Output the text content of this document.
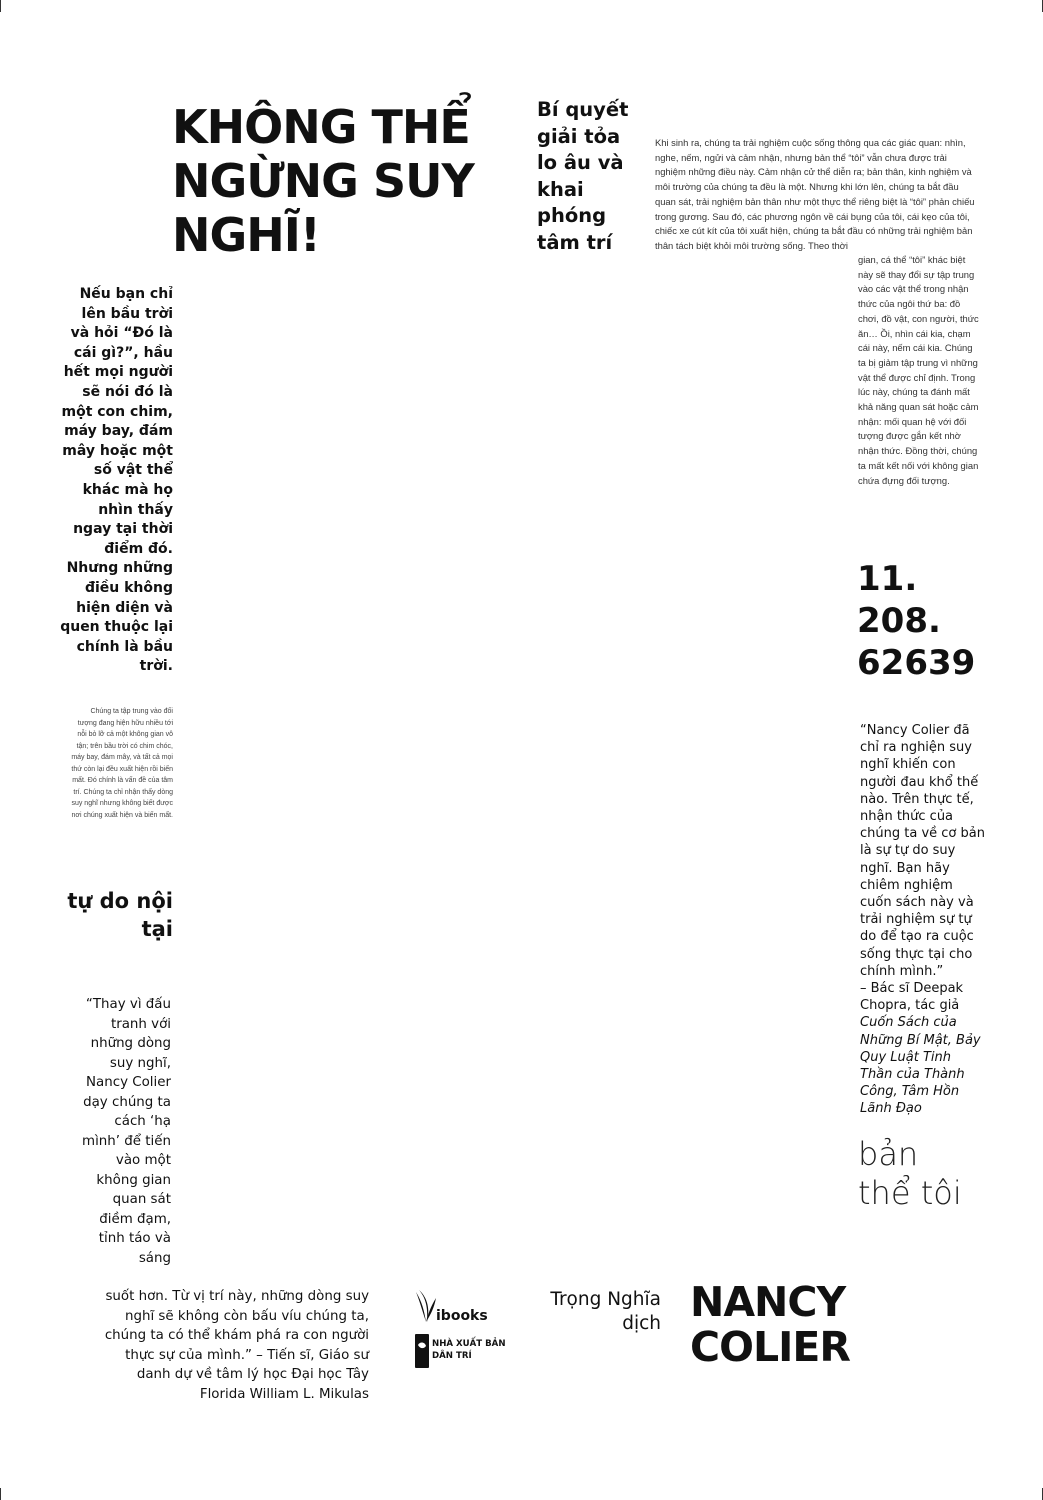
KHÔNG THỂ NGỪNG SUY NGHĨ!
Bí quyết giải tỏa lo âu và khai phóng tâm trí
Khi sinh ra, chúng ta trải nghiệm cuộc sống thông qua các giác quan: nhìn, nghe, nếm, ngửi và cảm nhận, nhưng bản thể “tôi” vẫn chưa được trải nghiệm những điều này. Cảm nhận cử thể diễn ra; bản thân, kinh nghiệm và môi trường của chúng ta đều là một. Nhưng khi lớn lên, chúng ta bắt đầu quan sát, trải nghiệm bản thân như một thực thể riêng biệt là “tôi” phản chiếu trong gương. Sau đó, các phương ngôn về cái bụng của tôi, cái kẹo của tôi, chiếc xe cút kít của tôi xuất hiện, chúng ta bắt đầu có những trải nghiệm bản thân tách biệt khỏi môi trường sống. Theo thời
gian, cá thể “tôi” khác biệt này sẽ thay đổi sự tập trung vào các vật thể trong nhận thức của ngôi thứ ba: đồ chơi, đồ vật, con người, thức ăn… Ồi, nhìn cái kia, chạm cái này, nếm cái kia. Chúng ta bị giảm tập trung vì những vật thể được chỉ định. Trong lúc này, chúng ta đánh mất khả năng quan sát hoặc cảm nhận: mối quan hệ với đối tượng được gắn kết nhờ nhận thức. Đồng thời, chúng ta mất kết nối với không gian chứa đựng đối tượng.
Nếu bạn chỉ lên bầu trời và hỏi “Đó là cái gì?”, hầu hết mọi người sẽ nói đó là một con chim, máy bay, đám mây hoặc một số vật thể khác mà họ nhìn thấy ngay tại thời điểm đó. Nhưng những điều không hiện diện và quen thuộc lại chính là bầu trời.
Chúng ta tập trung vào đối tượng đang hiện hữu nhiều tới nỗi bỏ lỡ cả một không gian vô tận; trên bầu trời có chim chóc, máy bay, đám mây, và tất cả mọi thứ còn lại đều xuất hiện rồi biến mất. Đó chính là vấn đề của tâm trí. Chúng ta chỉ nhận thấy dòng suy nghĩ nhưng không biết được nơi chúng xuất hiện và biến mất.
tự do nội tại
“Thay vì đấu tranh với những dòng suy nghĩ, Nancy Colier dạy chúng ta cách ‘hạ mình’ để tiến vào một không gian quan sát điềm đạm, tỉnh táo và sáng
suốt hơn. Từ vị trí này, những dòng suy nghĩ sẽ không còn bấu víu chúng ta, chúng ta có thể khám phá ra con người thực sự của mình.” – Tiến sĩ, Giáo sư danh dự về tâm lý học Đại học Tây Florida William L. Mikulas
11.
208.
62639
“Nancy Colier đã chỉ ra nghiện suy nghĩ khiến con người đau khổ thế nào. Trên thực tế, nhận thức của chúng ta về cơ bản là sự tự do suy nghĩ. Bạn hãy chiêm nghiệm cuốn sách này và trải nghiệm sự tự do để tạo ra cuộc sống thực tại cho chính mình.”
– Bác sĩ Deepak Chopra, tác giả Cuốn Sách của Những Bí Mật, Bảy Quy Luật Tinh Thần của Thành Công, Tâm Hồn Lãnh Đạo
bản thể tôi
ibooks
NHÀ XUẤT BẢN DÂN TRÍ
Trọng Nghĩa dịch NANCY COLIER
